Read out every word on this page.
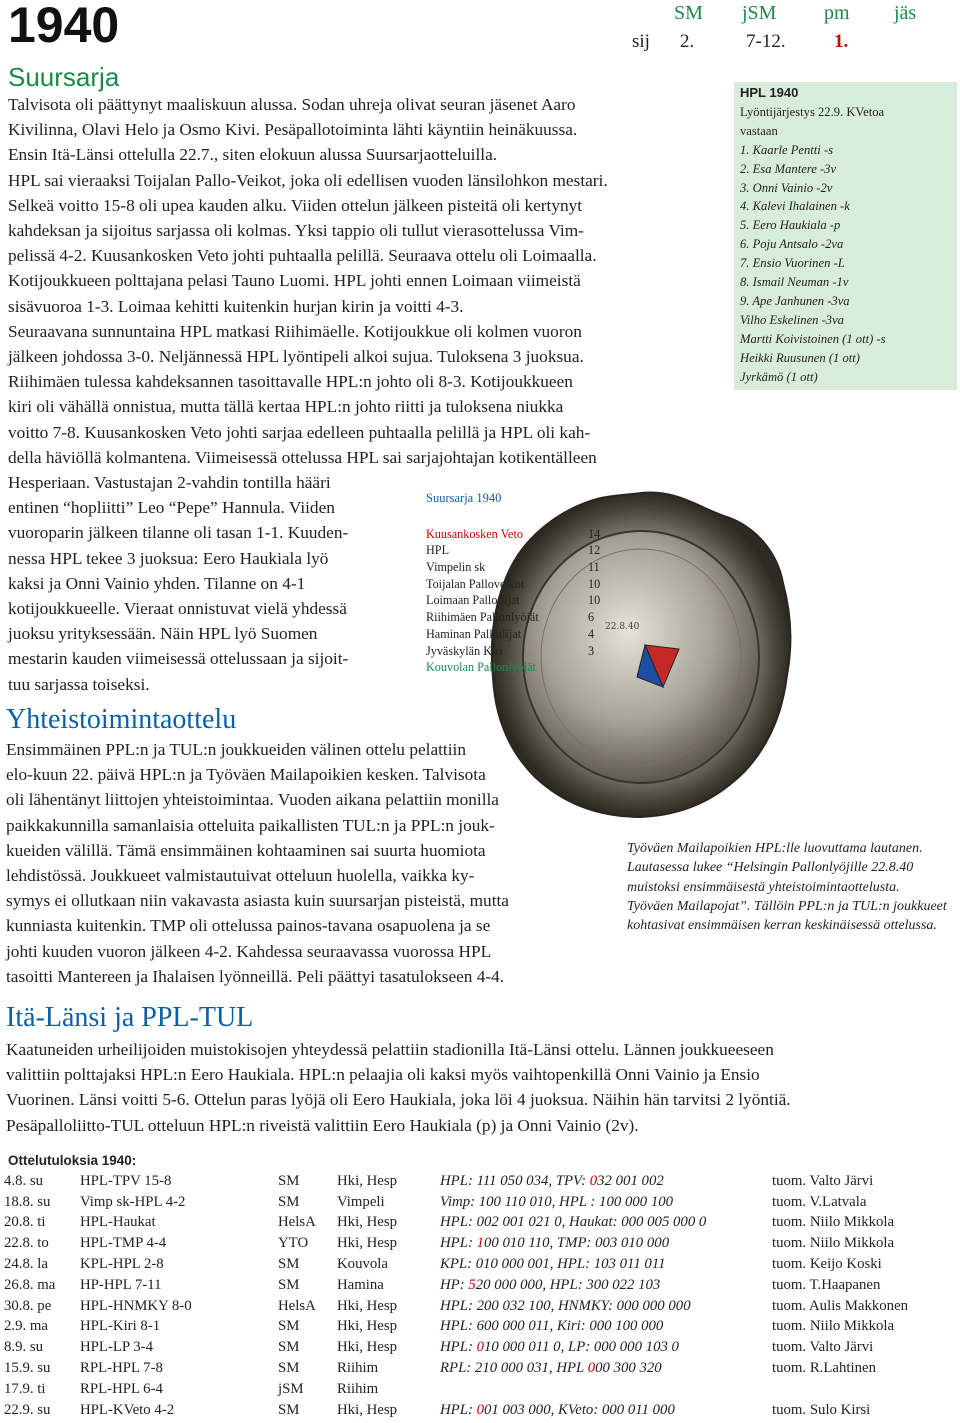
1940	SM jSM pm jäs
sij 2.	7-12.	1.
Suursarja
Talvisota oli päättynyt maaliskuun alussa. Sodan uhreja olivat seuran jäsenet Aaro
Kivilinna, Olavi Helo ja Osmo Kivi. Pesäpallotoiminta lähti käyntiin heinäkuussa.
Ensin Itä-Länsi ottelulla 22.7., siten elokuun alussa Suursarjaotteluilla.
HPL sai vieraaksi Toijalan Pallo-Veikot, joka oli edellisen vuoden länsilohkon mestari.
Selkeä voitto 15-8 oli upea kauden alku. Viiden ottelun jälkeen pisteitä oli kertynyt
kahdeksan ja sijoitus sarjassa oli kolmas. Yksi tappio oli tullut vierasottelussa Vim-
pelissä 4-2. Kuusankosken Veto johti puhtaalla pelillä. Seuraava ottelu oli Loimaalla.
Kotijoukkueen polttajana pelasi Tauno Luomi. HPL johti ennen Loimaan viimeistä
sisävuoroa 1-3. Loimaa kehitti kuitenkin hurjan kirin ja voitti 4-3.
Seuraavana sunnuntaina HPL matkasi Riihimäelle. Kotijoukkue oli kolmen vuoron
jälkeen johdossa 3-0. Neljännessä HPL lyöntipeli alkoi sujua. Tuloksena 3 juoksua.
Riihimäen tulessa kahdeksannen tasoittavalle HPL:n johto oli 8-3. Kotijoukkueen
kiri oli vähällä onnistua, mutta tällä kertaa HPL:n johto riitti ja tuloksena niukka
voitto 7-8. Kuusankosken Veto johti sarjaa edelleen puhtaalla pelillä ja HPL oli kah-
della häviöllä kolmantena. Viimeisessä ottelussa HPL sai sarjajohtajan kotikentälleen
Hesperiaan. Vastustajan 2-vahdin tontilla hääri
entinen “hopliitti” Leo “Pepe” Hannula. Viiden
vuoroparin jälkeen tilanne oli tasan 1-1. Kuuden-
nessa HPL tekee 3 juoksua: Eero Haukiala lyö
kaksi ja Onni Vainio yhden. Tilanne on 4-1
kotijoukkueelle. Vieraat onnistuvat vielä yhdessä
juoksu yrityksessään. Näin HPL lyö Suomen
mestarin kauden viimeisessä ottelussaan ja sijoit-
tuu sarjassa toiseksi.
HPL 1940
Lyöntijärjestys 22.9. KVetoa
vastaan
1. Kaarle Pentti -s
2. Esa Mantere -3v
3. Onni Vainio -2v
4. Kalevi Ihalainen -k
5. Eero Haukiala -p
6. Poju Antsalo -2va
7. Ensio Vuorinen -L
8. Ismail Neuman -1v
9. Ape Janhunen -3va
Vilho Eskelinen -3va
Martti Koivistoinen (1 ott) -s
Heikki Ruusunen (1 ott)
Jyrkämö (1 ott)
22.8.40
Suursarja 1940
Kuusankosken Veto	14
HPL	12
Vimpelin sk	11
Toijalan Palloveikot	10
Loimaan Palloilijat	10
Riihimäen Pallonlyöjät	6
Haminan Palloilijat	4
Jyväskylän Kiri	3
Kouvolan Pallonlyöjät
Yhteistoimintaottelu
Ensimmäinen PPL:n ja TUL:n joukkueiden välinen ottelu pelattiin
elo-kuun 22. päivä HPL:n ja Työväen Mailapoikien kesken. Talvisota
oli lähentänyt liittojen yhteistoimintaa. Vuoden aikana pelattiin monilla
paikkakunnilla samanlaisia otteluita paikallisten TUL:n ja PPL:n jouk-
kueiden välillä. Tämä ensimmäinen kohtaaminen sai suurta huomiota
lehdistössä. Joukkueet valmistautuivat otteluun huolella, vaikka ky-
symys ei ollutkaan niin vakavasta asiasta kuin suursarjan pisteistä, mutta
kunniasta kuitenkin. TMP oli ottelussa painos-tavana osapuolena ja se
johti kuuden vuoron jälkeen 4-2. Kahdessa seuraavassa vuorossa HPL
tasoitti Mantereen ja Ihalaisen lyönneillä. Peli päättyi tasatulokseen 4-4.
Työväen Mailapoikien HPL:lle luovuttama lautanen. Lautasessa lukee “Helsingin Pallonlyöjille 22.8.40 muistoksi ensimmäisestä yhteistoimintaottelusta. Työväen Mailapojat”. Tällöin PPL:n ja TUL:n joukkueet kohtasivat ensimmäisen kerran keskinäisessä ottelussa.
Itä-Länsi ja PPL-TUL
Kaatuneiden urheilijoiden muistokisojen yhteydessä pelattiin stadionilla Itä-Länsi ottelu. Lännen joukkueeseen
valittiin polttajaksi HPL:n Eero Haukiala. HPL:n pelaajia oli kaksi myös vaihtopenkillä Onni Vainio ja Ensio
Vuorinen. Länsi voitti 5-6. Ottelun paras lyöjä oli Eero Haukiala, joka löi 4 juoksua. Näihin hän tarvitsi 2 lyöntiä.
Pesäpalloliitto-TUL otteluun HPL:n riveistä valittiin Eero Haukiala (p) ja Onni Vainio (2v).
Ottelutuloksia 1940:
4.8. su	HPL-TPV 15-8	SM	Hki, Hesp	HPL: 111 050 034, TPV: 032 001 002	tuom. Valto Järvi
18.8. su	Vimp sk-HPL 4-2	SM	Vimpeli	Vimp: 100 110 010, HPL : 100 000 100	tuom. V.Latvala
20.8. ti	HPL-Haukat	HelsA	Hki, Hesp	HPL: 002 001 021 0, Haukat: 000 005 000 0	tuom. Niilo Mikkola
22.8. to	HPL-TMP 4-4	YTO	Hki, Hesp	HPL: 100 010 110, TMP: 003 010 000	tuom. Niilo Mikkola
24.8. la	KPL-HPL 2-8	SM	Kouvola	KPL: 010 000 001, HPL: 103 011 011	tuom. Keijo Koski
26.8. ma	HP-HPL 7-11	SM	Hamina	HP: 520 000 000, HPL: 300 022 103	tuom. T.Haapanen
30.8. pe	HPL-HNMKY 8-0	HelsA	Hki, Hesp	HPL: 200 032 100, HNMKY: 000 000 000	tuom. Aulis Makkonen
2.9. ma	HPL-Kiri 8-1	SM	Hki, Hesp	HPL: 600 000 011, Kiri: 000 100 000	tuom. Niilo Mikkola
8.9. su	HPL-LP 3-4	SM	Hki, Hesp	HPL: 010 000 011 0, LP: 000 000 103 0	tuom. Valto Järvi
15.9. su	RPL-HPL 7-8	SM	Riihim	RPL: 210 000 031, HPL 000 300 320	tuom. R.Lahtinen
17.9. ti	RPL-HPL 6-4	jSM	Riihim		
22.9. su	HPL-KVeto 4-2	SM	Hki, Hesp	HPL: 001 003 000, KVeto: 000 011 000	tuom. Sulo Kirsi
